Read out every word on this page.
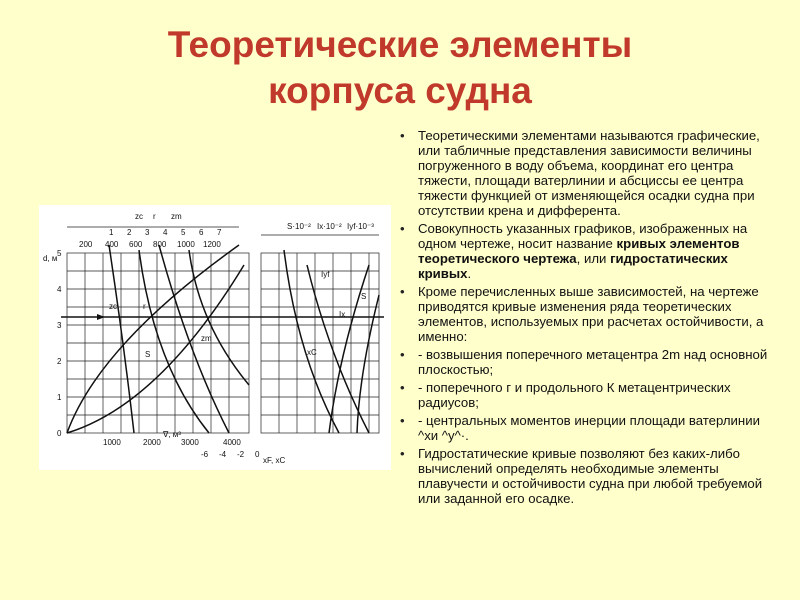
Теоретические элементы
корпуса судна
d, м
0
1
2
3
4
5
200 400 600 800 1000 1200
zc r zm
1 2 3 4 5 6 7
1000	2000	3000	4000
∇, м³
-6 -4 -2 0
xF, xC
S·10⁻² Ix·10⁻² Iyf·10⁻³
zc	r
zm
S
Iyf
Ix
xC
S
• Теоретическими элементами называются графические, или табличные представления зависимости величины погруженного в воду объема, координат его центра тяжести, площади ватерлинии и абсциссы ее центра тяжести функцией от изменяющейся осадки судна при отсутствии крена и дифферента.
• Совокупность указанных графиков, изображенных на одном чертеже, носит название кривых элементов теоретического чертежа, или гидростатических кривых.
• Кроме перечисленных выше зависимостей, на чертеже приводятся кривые изменения ряда теоретических элементов, используемых при расчетах остойчивости, а именно:
• - возвышения поперечного метацентра 2m над основной плоскостью;
• - поперечного г и продольного К метацентрических радиусов;
• - центральных моментов инерции площади ватерлинии ^хи ^у^·.
• Гидростатические кривые позволяют без каких-либо вычислений определять необходимые элементы плавучести и остойчивости судна при любой требуемой или заданной его осадке.
